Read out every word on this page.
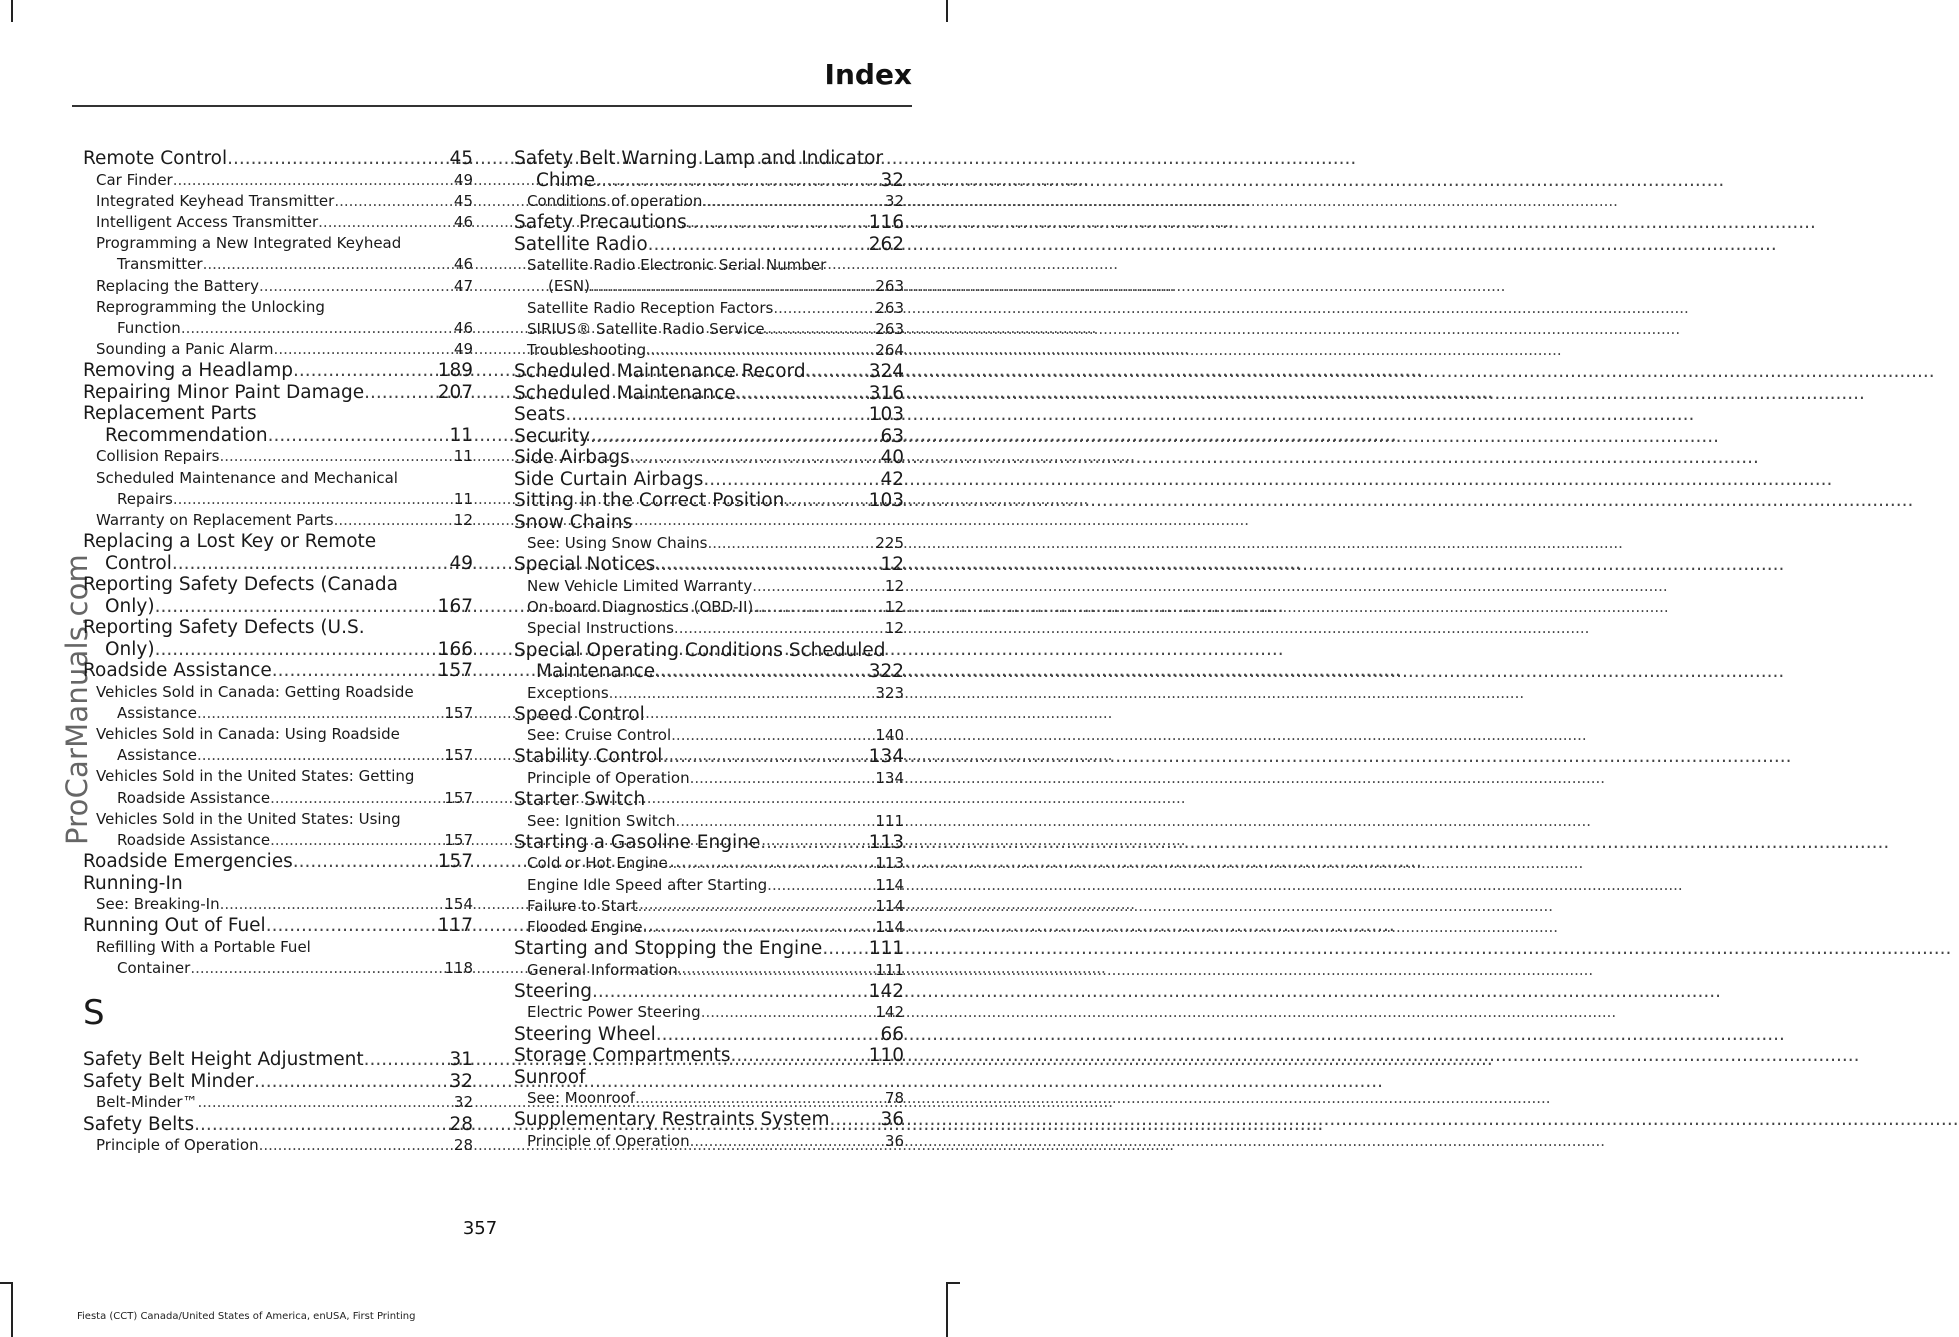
ProCarManuals.com
Index
Remote Control .....	45
Car Finder .....	49
Integrated Keyhead Transmitter .....	45
Intelligent Access Transmitter .....	46
Programming a New Integrated Keyhead
Transmitter .....	46
Replacing the Battery .....	47
Reprogramming the Unlocking
Function .....	46
Sounding a Panic Alarm .....	49
Removing a Headlamp .....	189
Repairing Minor Paint Damage .....	207
Replacement Parts
Recommendation .....	11
Collision Repairs .....	11
Scheduled Maintenance and Mechanical
Repairs .....	11
Warranty on Replacement Parts .....	12
Replacing a Lost Key or Remote
Control .....	49
Reporting Safety Defects (Canada
Only) .....	167
Reporting Safety Defects (U.S.
Only) .....	166
Roadside Assistance .....	157
Vehicles Sold in Canada: Getting Roadside
Assistance .....	157
Vehicles Sold in Canada: Using Roadside
Assistance .....	157
Vehicles Sold in the United States: Getting
Roadside Assistance .....	157
Vehicles Sold in the United States: Using
Roadside Assistance .....	157
Roadside Emergencies .....	157
Running-In
See: Breaking-In .....	154
Running Out of Fuel .....	117
Refilling With a Portable Fuel
Container .....	118
S
Safety Belt Height Adjustment .....	31
Safety Belt Minder .....	32
Belt-Minder™ .....	32
Safety Belts .....	28
Principle of Operation .....	28
Safety Belt Warning Lamp and Indicator
Chime .....	32
Conditions of operation .....	32
Safety Precautions .....	116
Satellite Radio .....	262
Satellite Radio Electronic Serial Number
(ESN) .....	263
Satellite Radio Reception Factors .....	263
SIRIUS® Satellite Radio Service .....	263
Troubleshooting .....	264
Scheduled Maintenance Record .....	324
Scheduled Maintenance .....	316
Seats .....	103
Security .....	63
Side Airbags .....	40
Side Curtain Airbags .....	42
Sitting in the Correct Position .....	103
Snow Chains
See: Using Snow Chains .....	225
Special Notices .....	12
New Vehicle Limited Warranty .....	12
On-board Diagnostics (OBD-II) .....	12
Special Instructions .....	12
Special Operating Conditions Scheduled
Maintenance .....	322
Exceptions .....	323
Speed Control
See: Cruise Control .....	140
Stability Control .....	134
Principle of Operation .....	134
Starter Switch
See: Ignition Switch .....	111
Starting a Gasoline Engine .....	113
Cold or Hot Engine .....	113
Engine Idle Speed after Starting .....	114
Failure to Start .....	114
Flooded Engine .....	114
Starting and Stopping the Engine .....	111
General Information .....	111
Steering .....	142
Electric Power Steering .....	142
Steering Wheel .....	66
Storage Compartments .....	110
Sunroof
See: Moonroof .....	78
Supplementary Restraints System .....	36
Principle of Operation .....	36
357
Fiesta (CCT) Canada/United States of America, enUSA, First Printing
